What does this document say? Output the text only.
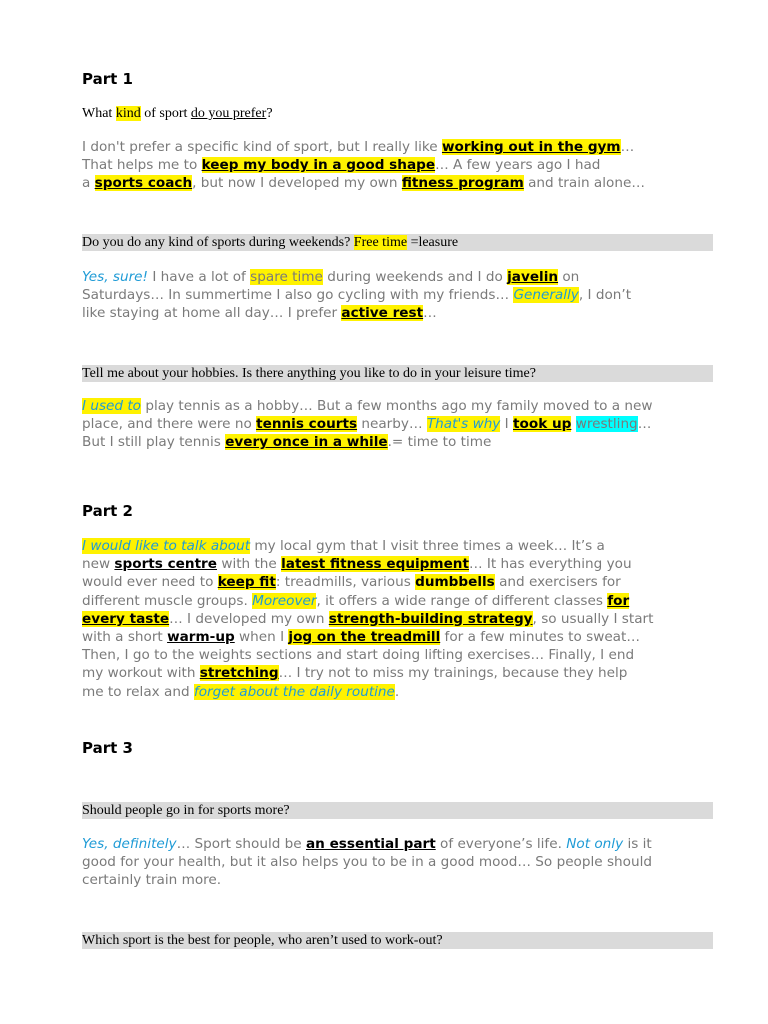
Part 1
What kind of sport do you prefer?
I don't prefer a specific kind of sport, but I really like working out in the gym…
That helps me to keep my body in a good shape… A few years ago I had
a sports coach, but now I developed my own fitness program and train alone…
Do you do any kind of sports during weekends? Free time =leasure
Yes, sure! I have a lot of spare time during weekends and I do javelin on
Saturdays… In summertime I also go cycling with my friends… Generally, I don’t
like staying at home all day… I prefer active rest…
Tell me about your hobbies. Is there anything you like to do in your leisure time?
I used to play tennis as a hobby… But a few months ago my family moved to a new
place, and there were no tennis courts nearby… That's why I took up wrestling…
But I still play tennis every once in a while.= time to time
Part 2
I would like to talk about my local gym that I visit three times a week… It’s a
new sports centre with the latest fitness equipment… It has everything you
would ever need to keep fit: treadmills, various dumbbells and exercisers for
different muscle groups. Moreover, it offers a wide range of different classes for
every taste… I developed my own strength-building strategy, so usually I start
with a short warm-up when I jog on the treadmill for a few minutes to sweat…
Then, I go to the weights sections and start doing lifting exercises… Finally, I end
my workout with stretching… I try not to miss my trainings, because they help
me to relax and forget about the daily routine.
Part 3
Should people go in for sports more?
Yes, definitely… Sport should be an essential part of everyone’s life. Not only is it
good for your health, but it also helps you to be in a good mood… So people should
certainly train more.
Which sport is the best for people, who aren’t used to work-out?
